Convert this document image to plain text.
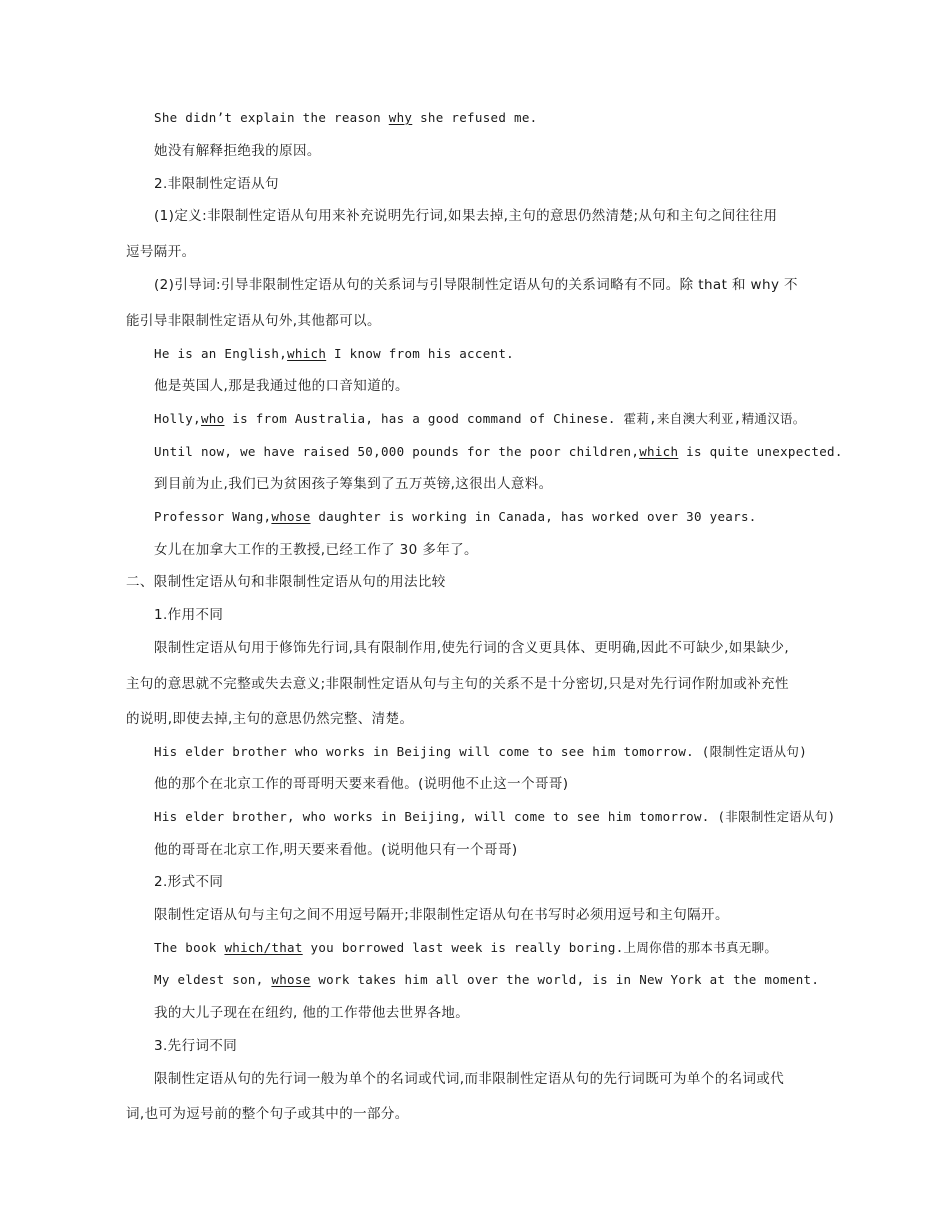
She didn’t explain the reason why she refused me.
她没有解释拒绝我的原因。
2.非限制性定语从句
(1)定义:非限制性定语从句用来补充说明先行词,如果去掉,主句的意思仍然清楚;从句和主句之间往往用
逗号隔开。
(2)引导词:引导非限制性定语从句的关系词与引导限制性定语从句的关系词略有不同。除 that 和 why 不
能引导非限制性定语从句外,其他都可以。
He is an English,which I know from his accent.
他是英国人,那是我通过他的口音知道的。
Holly,who is from Australia, has a good command of Chinese. 霍莉,来自澳大利亚,精通汉语。
Until now, we have raised 50,000 pounds for the poor children,which is quite unexpected.
到目前为止,我们已为贫困孩子筹集到了五万英镑,这很出人意料。
Professor Wang,whose daughter is working in Canada, has worked over 30 years.
女儿在加拿大工作的王教授,已经工作了 30 多年了。
二、限制性定语从句和非限制性定语从句的用法比较
1.作用不同
限制性定语从句用于修饰先行词,具有限制作用,使先行词的含义更具体、更明确,因此不可缺少,如果缺少,
主句的意思就不完整或失去意义;非限制性定语从句与主句的关系不是十分密切,只是对先行词作附加或补充性
的说明,即使去掉,主句的意思仍然完整、清楚。
His elder brother who works in Beijing will come to see him tomorrow. (限制性定语从句)
他的那个在北京工作的哥哥明天要来看他。(说明他不止这一个哥哥)
His elder brother, who works in Beijing, will come to see him tomorrow. (非限制性定语从句)
他的哥哥在北京工作,明天要来看他。(说明他只有一个哥哥)
2.形式不同
限制性定语从句与主句之间不用逗号隔开;非限制性定语从句在书写时必须用逗号和主句隔开。
The book which/that you borrowed last week is really boring.上周你借的那本书真无聊。
My eldest son, whose work takes him all over the world, is in New York at the moment.
我的大儿子现在在纽约, 他的工作带他去世界各地。
3.先行词不同
限制性定语从句的先行词一般为单个的名词或代词,而非限制性定语从句的先行词既可为单个的名词或代
词,也可为逗号前的整个句子或其中的一部分。
